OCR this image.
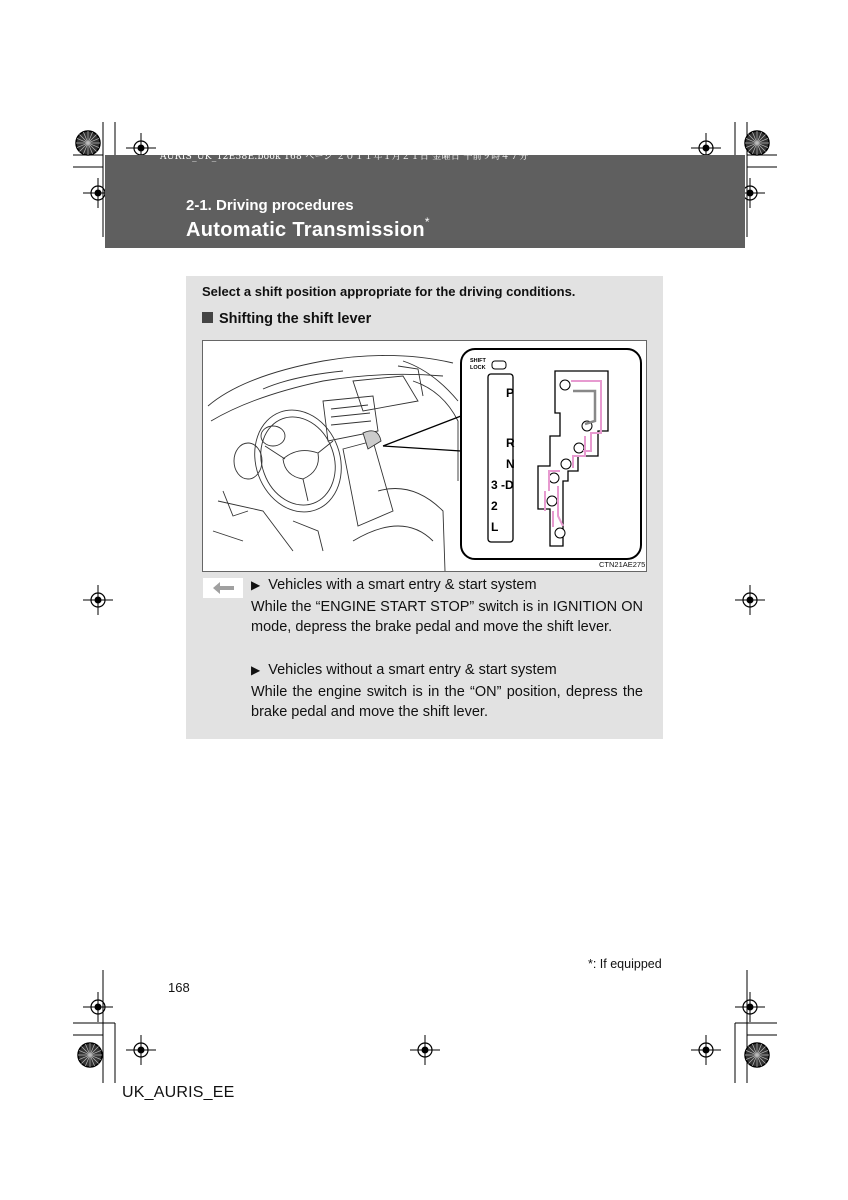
AURIS_UK_12E58E.book 168 ページ ２０１１年１月２１日 金曜日 午前９時４７分
2-1. Driving procedures
Automatic Transmission*
Select a shift position appropriate for the driving conditions.
Shifting the shift lever
SHIFT
LOCK
P
R
N
3 -D
2
L
CTN21AE275
▶ Vehicles with a smart entry & start system
While the “ENGINE START STOP” switch is in IGNITION ON mode, depress the brake pedal and move the shift lever.
▶ Vehicles without a smart entry & start system
While the engine switch is in the “ON” position, depress the brake pedal and move the shift lever.
*: If equipped
168
UK_AURIS_EE
